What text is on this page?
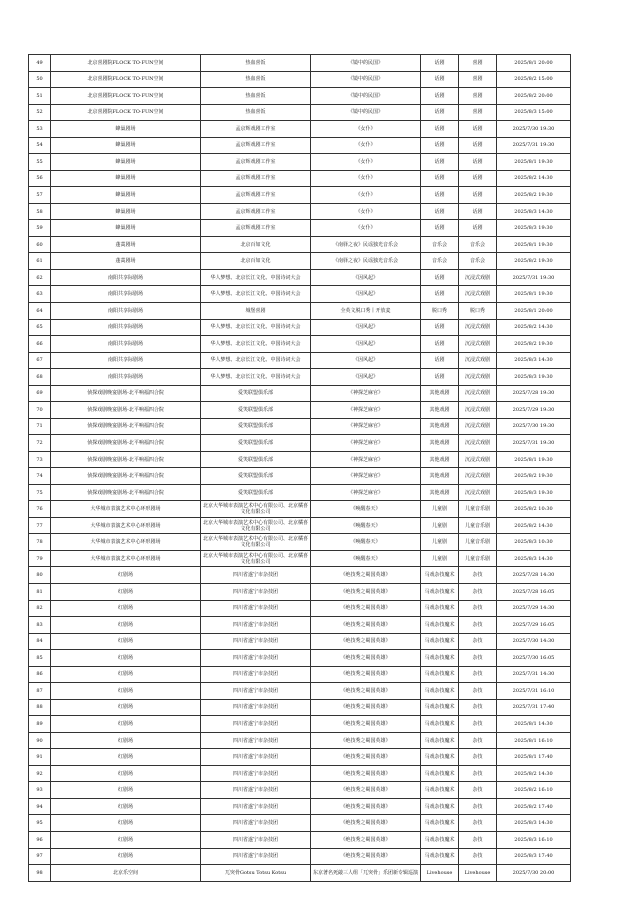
49	北京喜剧院FLOCK TO·FUN空间	热血喜饭	《镜中的民国》	话剧	喜剧	2025/8/1 20:00
50	北京喜剧院FLOCK TO·FUN空间	热血喜饭	《镜中的民国》	话剧	喜剧	2025/8/2 15:00
51	北京喜剧院FLOCK TO·FUN空间	热血喜饭	《镜中的民国》	话剧	喜剧	2025/8/2 20:00
52	北京喜剧院FLOCK TO·FUN空间	热血喜饭	《镜中的民国》	话剧	喜剧	2025/8/3 15:00
53	蜂巢剧场	孟京辉戏剧工作室	《女仆》	话剧	话剧	2025/7/30 19:30
54	蜂巢剧场	孟京辉戏剧工作室	《女仆》	话剧	话剧	2025/7/31 19:30
55	蜂巢剧场	孟京辉戏剧工作室	《女仆》	话剧	话剧	2025/8/1 19:30
56	蜂巢剧场	孟京辉戏剧工作室	《女仆》	话剧	话剧	2025/8/2 14:30
57	蜂巢剧场	孟京辉戏剧工作室	《女仆》	话剧	话剧	2025/8/2 19:30
58	蜂巢剧场	孟京辉戏剧工作室	《女仆》	话剧	话剧	2025/8/3 14:30
59	蜂巢剧场	孟京辉戏剧工作室	《女仆》	话剧	话剧	2025/8/3 19:30
60	蓬蒿剧场	北京百如文化	《南驿之夜》民谣独光音乐会	音乐会	音乐会	2025/8/1 19:30
61	蓬蒿剧场	北京百如文化	《南驿之夜》民谣独光音乐会	音乐会	音乐会	2025/8/2 19:30
62	南阳共享际剧场	华人梦想、北京长江文化、中国诗词大会	《因风起》	话剧	沉浸式戏剧	2025/7/31 19:30
63	南阳共享际剧场	华人梦想、北京长江文化、中国诗词大会	《因风起》	话剧	沉浸式戏剧	2025/8/1 19:30
64	南阳共享际剧场	城堡喜剧	全英文脱口秀丨开放麦	脱口秀	脱口秀	2025/8/1 20:00
65	南阳共享际剧场	华人梦想、北京长江文化、中国诗词大会	《因风起》	话剧	沉浸式戏剧	2025/8/2 14:30
66	南阳共享际剧场	华人梦想、北京长江文化、中国诗词大会	《因风起》	话剧	沉浸式戏剧	2025/8/2 19:30
67	南阳共享际剧场	华人梦想、北京长江文化、中国诗词大会	《因风起》	话剧	沉浸式戏剧	2025/8/3 14:30
68	南阳共享际剧场	华人梦想、北京长江文化、中国诗词大会	《因风起》	话剧	沉浸式戏剧	2025/8/3 19:30
69	侦探戏剧晚宴剧场-北平响福四合院	爱笑联盟俱乐部	《神探芝麻官》	其他戏剧	沉浸式戏剧	2025/7/28 19:30
70	侦探戏剧晚宴剧场-北平响福四合院	爱笑联盟俱乐部	《神探芝麻官》	其他戏剧	沉浸式戏剧	2025/7/29 19:30
71	侦探戏剧晚宴剧场-北平响福四合院	爱笑联盟俱乐部	《神探芝麻官》	其他戏剧	沉浸式戏剧	2025/7/30 19:30
72	侦探戏剧晚宴剧场-北平响福四合院	爱笑联盟俱乐部	《神探芝麻官》	其他戏剧	沉浸式戏剧	2025/7/31 19:30
73	侦探戏剧晚宴剧场-北平响福四合院	爱笑联盟俱乐部	《神探芝麻官》	其他戏剧	沉浸式戏剧	2025/8/1 19:30
74	侦探戏剧晚宴剧场-北平响福四合院	爱笑联盟俱乐部	《神探芝麻官》	其他戏剧	沉浸式戏剧	2025/8/2 19:30
75	侦探戏剧晚宴剧场-北平响福四合院	爱笑联盟俱乐部	《神探芝麻官》	其他戏剧	沉浸式戏剧	2025/8/3 19:30
76	大华城市表演艺术中心环形剧场	北京大华城市表演艺术中心有限公司、北京橘喜文化有限公司	《唤醒春天》	儿童剧	儿童音乐剧	2025/8/2 10:30
77	大华城市表演艺术中心环形剧场	北京大华城市表演艺术中心有限公司、北京橘喜文化有限公司	《唤醒春天》	儿童剧	儿童音乐剧	2025/8/2 14:30
78	大华城市表演艺术中心环形剧场	北京大华城市表演艺术中心有限公司、北京橘喜文化有限公司	《唤醒春天》	儿童剧	儿童音乐剧	2025/8/3 10:30
79	大华城市表演艺术中心环形剧场	北京大华城市表演艺术中心有限公司、北京橘喜文化有限公司	《唤醒春天》	儿童剧	儿童音乐剧	2025/8/3 14:30
80	红剧场	四川省遂宁市杂技团	《绝技秀之蜀国英雄》	马戏杂技魔术	杂技	2025/7/28 14:30
81	红剧场	四川省遂宁市杂技团	《绝技秀之蜀国英雄》	马戏杂技魔术	杂技	2025/7/28 16:05
82	红剧场	四川省遂宁市杂技团	《绝技秀之蜀国英雄》	马戏杂技魔术	杂技	2025/7/29 14:30
83	红剧场	四川省遂宁市杂技团	《绝技秀之蜀国英雄》	马戏杂技魔术	杂技	2025/7/29 16:05
84	红剧场	四川省遂宁市杂技团	《绝技秀之蜀国英雄》	马戏杂技魔术	杂技	2025/7/30 14:30
85	红剧场	四川省遂宁市杂技团	《绝技秀之蜀国英雄》	马戏杂技魔术	杂技	2025/7/30 16:05
86	红剧场	四川省遂宁市杂技团	《绝技秀之蜀国英雄》	马戏杂技魔术	杂技	2025/7/31 14:30
87	红剧场	四川省遂宁市杂技团	《绝技秀之蜀国英雄》	马戏杂技魔术	杂技	2025/7/31 16:10
88	红剧场	四川省遂宁市杂技团	《绝技秀之蜀国英雄》	马戏杂技魔术	杂技	2025/7/31 17:40
89	红剧场	四川省遂宁市杂技团	《绝技秀之蜀国英雄》	马戏杂技魔术	杂技	2025/8/1 14:30
90	红剧场	四川省遂宁市杂技团	《绝技秀之蜀国英雄》	马戏杂技魔术	杂技	2025/8/1 16:10
91	红剧场	四川省遂宁市杂技团	《绝技秀之蜀国英雄》	马戏杂技魔术	杂技	2025/8/1 17:40
92	红剧场	四川省遂宁市杂技团	《绝技秀之蜀国英雄》	马戏杂技魔术	杂技	2025/8/2 14:30
93	红剧场	四川省遂宁市杂技团	《绝技秀之蜀国英雄》	马戏杂技魔术	杂技	2025/8/2 16:10
94	红剧场	四川省遂宁市杂技团	《绝技秀之蜀国英雄》	马戏杂技魔术	杂技	2025/8/2 17:40
95	红剧场	四川省遂宁市杂技团	《绝技秀之蜀国英雄》	马戏杂技魔术	杂技	2025/8/3 14:30
96	红剧场	四川省遂宁市杂技团	《绝技秀之蜀国英雄》	马戏杂技魔术	杂技	2025/8/3 16:10
97	红剧场	四川省遂宁市杂技团	《绝技秀之蜀国英雄》	马戏杂技魔术	杂技	2025/8/3 17:40
98	北京乐空间	兀突骨Gotsu Totsu Kotsu	东京著名死敲三人组「兀突骨」乐团新专辑巡演	Livehouse	Livehouse	2025/7/30 20:00
